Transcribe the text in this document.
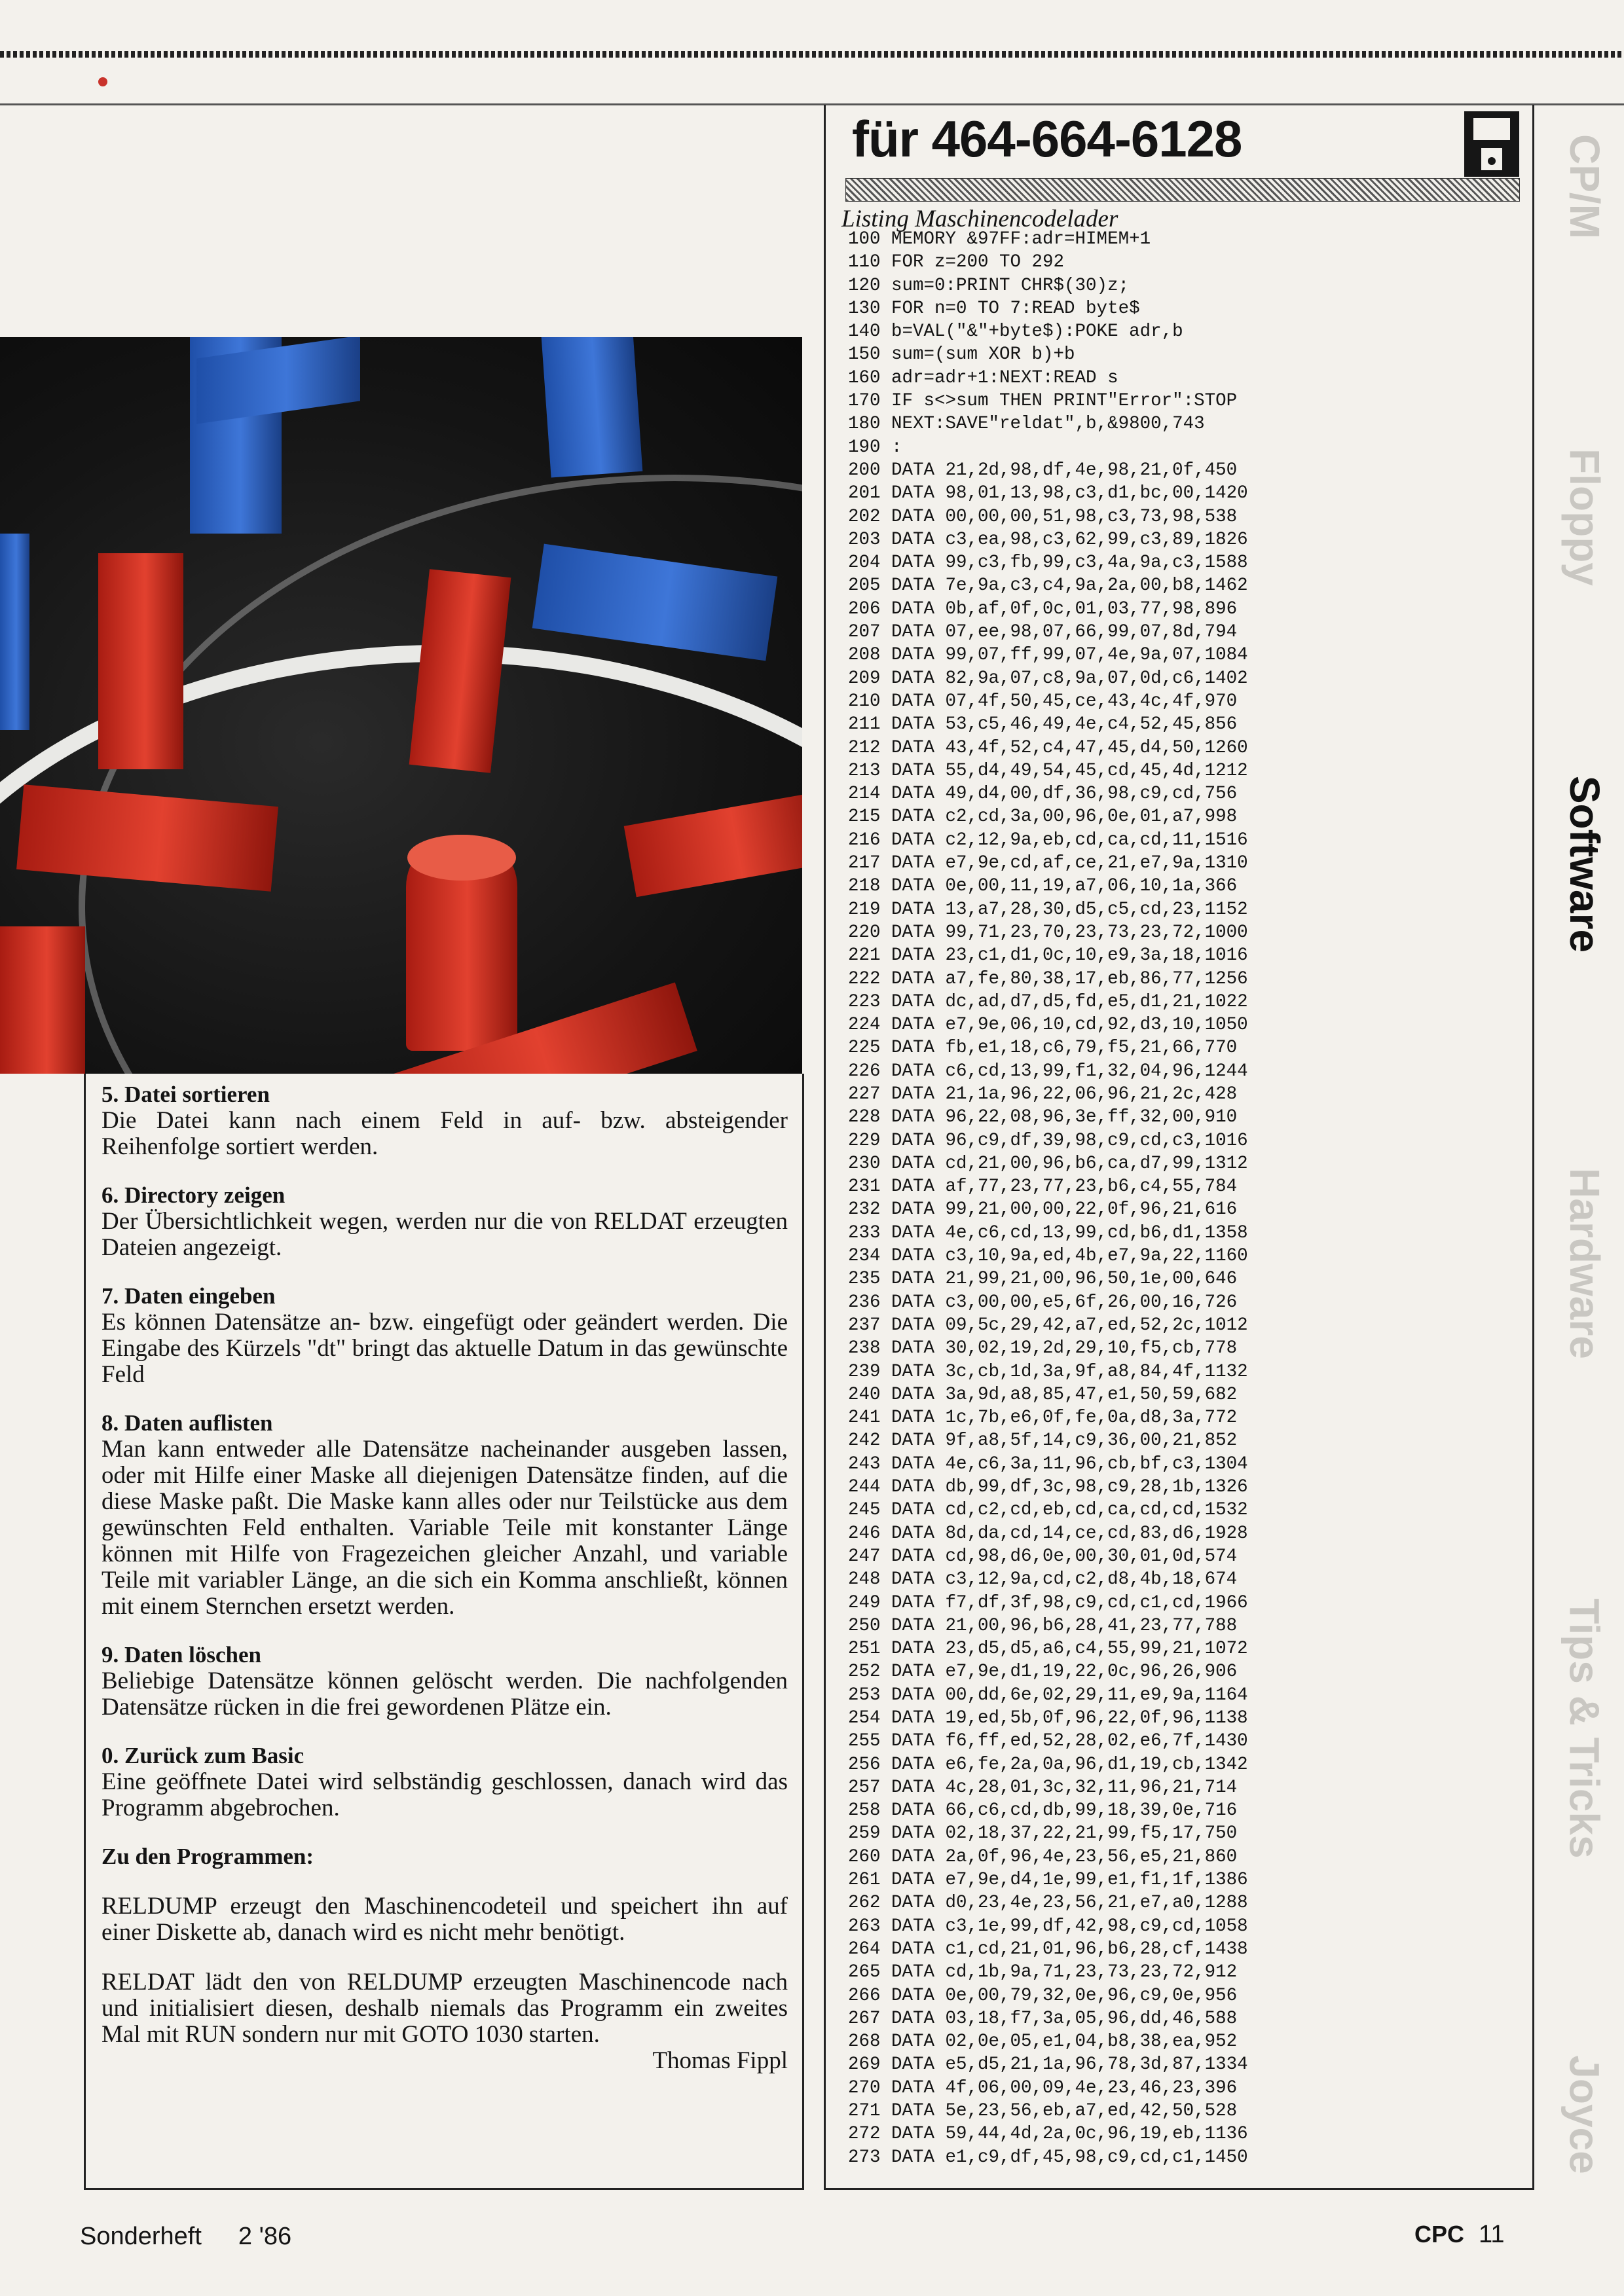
5. Datei sortieren

Die Datei kann nach einem Feld in auf- bzw. absteigender Reihenfolge sortiert werden.

6. Directory zeigen

Der Übersichtlichkeit wegen, werden nur die von RELDAT erzeugten Dateien angezeigt.

7. Daten eingeben

Es können Datensätze an- bzw. eingefügt oder geändert werden. Die Eingabe des Kürzels "dt" bringt das aktuelle Datum in das gewünschte Feld

8. Daten auflisten

Man kann entweder alle Datensätze nacheinander ausgeben lassen, oder mit Hilfe einer Maske all diejenigen Datensätze finden, auf die diese Maske paßt. Die Maske kann alles oder nur Teilstücke aus dem gewünschten Feld enthalten. Variable Teile mit konstanter Länge können mit Hilfe von Fragezeichen gleicher Anzahl, und variable Teile mit variabler Länge, an die sich ein Komma anschließt, können mit einem Sternchen ersetzt werden.

9. Daten löschen

Beliebige Datensätze können gelöscht werden. Die nachfolgenden Datensätze rücken in die frei gewordenen Plätze ein.

0. Zurück zum Basic

Eine geöffnete Datei wird selbständig geschlossen, danach wird das Programm abgebrochen.

Zu den Programmen:

RELDUMP erzeugt den Maschinencodeteil und speichert ihn auf einer Diskette ab, danach wird es nicht mehr benötigt.

RELDAT lädt den von RELDUMP erzeugten Maschinencode nach und initialisiert diesen, deshalb niemals das Programm ein zweites Mal mit RUN sondern nur mit GOTO 1030 starten.

Thomas Fippl
für 464-664-6128
Listing Maschinencodelader
100 MEMORY &97FF:adr=HIMEM+1
110 FOR z=200 TO 292
120 sum=0:PRINT CHR$(30)z;
130 FOR n=0 TO 7:READ byte$
140 b=VAL("&"+byte$):POKE adr,b
150 sum=(sum XOR b)+b
160 adr=adr+1:NEXT:READ s
170 IF s<>sum THEN PRINT"Error":STOP
180 NEXT:SAVE"reldat",b,&9800,743
190 :
200 DATA 21,2d,98,df,4e,98,21,0f,450
201 DATA 98,01,13,98,c3,d1,bc,00,1420
202 DATA 00,00,00,51,98,c3,73,98,538
203 DATA c3,ea,98,c3,62,99,c3,89,1826
204 DATA 99,c3,fb,99,c3,4a,9a,c3,1588
205 DATA 7e,9a,c3,c4,9a,2a,00,b8,1462
206 DATA 0b,af,0f,0c,01,03,77,98,896
207 DATA 07,ee,98,07,66,99,07,8d,794
208 DATA 99,07,ff,99,07,4e,9a,07,1084
209 DATA 82,9a,07,c8,9a,07,0d,c6,1402
210 DATA 07,4f,50,45,ce,43,4c,4f,970
211 DATA 53,c5,46,49,4e,c4,52,45,856
212 DATA 43,4f,52,c4,47,45,d4,50,1260
213 DATA 55,d4,49,54,45,cd,45,4d,1212
214 DATA 49,d4,00,df,36,98,c9,cd,756
215 DATA c2,cd,3a,00,96,0e,01,a7,998
216 DATA c2,12,9a,eb,cd,ca,cd,11,1516
217 DATA e7,9e,cd,af,ce,21,e7,9a,1310
218 DATA 0e,00,11,19,a7,06,10,1a,366
219 DATA 13,a7,28,30,d5,c5,cd,23,1152
220 DATA 99,71,23,70,23,73,23,72,1000
221 DATA 23,c1,d1,0c,10,e9,3a,18,1016
222 DATA a7,fe,80,38,17,eb,86,77,1256
223 DATA dc,ad,d7,d5,fd,e5,d1,21,1022
224 DATA e7,9e,06,10,cd,92,d3,10,1050
225 DATA fb,e1,18,c6,79,f5,21,66,770
226 DATA c6,cd,13,99,f1,32,04,96,1244
227 DATA 21,1a,96,22,06,96,21,2c,428
228 DATA 96,22,08,96,3e,ff,32,00,910
229 DATA 96,c9,df,39,98,c9,cd,c3,1016
230 DATA cd,21,00,96,b6,ca,d7,99,1312
231 DATA af,77,23,77,23,b6,c4,55,784
232 DATA 99,21,00,00,22,0f,96,21,616
233 DATA 4e,c6,cd,13,99,cd,b6,d1,1358
234 DATA c3,10,9a,ed,4b,e7,9a,22,1160
235 DATA 21,99,21,00,96,50,1e,00,646
236 DATA c3,00,00,e5,6f,26,00,16,726
237 DATA 09,5c,29,42,a7,ed,52,2c,1012
238 DATA 30,02,19,2d,29,10,f5,cb,778
239 DATA 3c,cb,1d,3a,9f,a8,84,4f,1132
240 DATA 3a,9d,a8,85,47,e1,50,59,682
241 DATA 1c,7b,e6,0f,fe,0a,d8,3a,772
242 DATA 9f,a8,5f,14,c9,36,00,21,852
243 DATA 4e,c6,3a,11,96,cb,bf,c3,1304
244 DATA db,99,df,3c,98,c9,28,1b,1326
245 DATA cd,c2,cd,eb,cd,ca,cd,cd,1532
246 DATA 8d,da,cd,14,ce,cd,83,d6,1928
247 DATA cd,98,d6,0e,00,30,01,0d,574
248 DATA c3,12,9a,cd,c2,d8,4b,18,674
249 DATA f7,df,3f,98,c9,cd,c1,cd,1966
250 DATA 21,00,96,b6,28,41,23,77,788
251 DATA 23,d5,d5,a6,c4,55,99,21,1072
252 DATA e7,9e,d1,19,22,0c,96,26,906
253 DATA 00,dd,6e,02,29,11,e9,9a,1164
254 DATA 19,ed,5b,0f,96,22,0f,96,1138
255 DATA f6,ff,ed,52,28,02,e6,7f,1430
256 DATA e6,fe,2a,0a,96,d1,19,cb,1342
257 DATA 4c,28,01,3c,32,11,96,21,714
258 DATA 66,c6,cd,db,99,18,39,0e,716
259 DATA 02,18,37,22,21,99,f5,17,750
260 DATA 2a,0f,96,4e,23,56,e5,21,860
261 DATA e7,9e,d4,1e,99,e1,f1,1f,1386
262 DATA d0,23,4e,23,56,21,e7,a0,1288
263 DATA c3,1e,99,df,42,98,c9,cd,1058
264 DATA c1,cd,21,01,96,b6,28,cf,1438
265 DATA cd,1b,9a,71,23,73,23,72,912
266 DATA 0e,00,79,32,0e,96,c9,0e,956
267 DATA 03,18,f7,3a,05,96,dd,46,588
268 DATA 02,0e,05,e1,04,b8,38,ea,952
269 DATA e5,d5,21,1a,96,78,3d,87,1334
270 DATA 4f,06,00,09,4e,23,46,23,396
271 DATA 5e,23,56,eb,a7,ed,42,50,528
272 DATA 59,44,4d,2a,0c,96,19,eb,1136
273 DATA e1,c9,df,45,98,c9,cd,c1,1450
CP/M
Floppy
Software
Hardware
Tips & Tricks
Joyce
Sonderheft 2 '86	CPC 11
